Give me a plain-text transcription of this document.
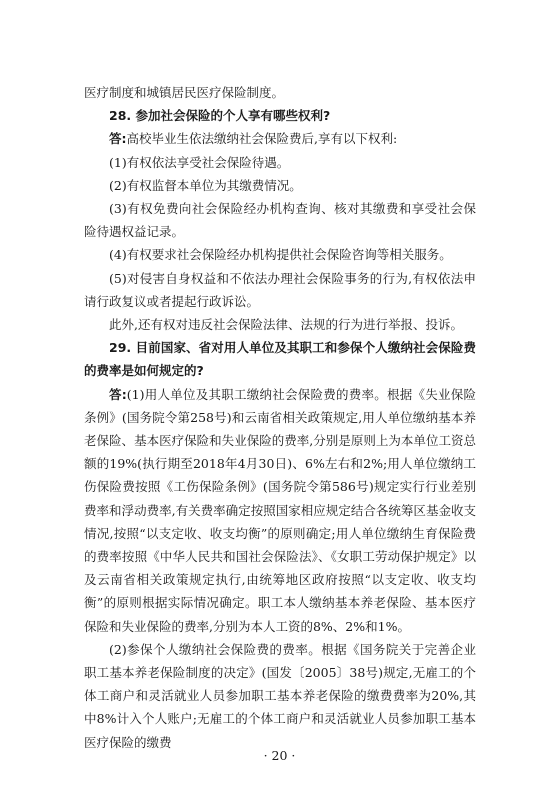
医疗制度和城镇居民医疗保险制度。

28. 参加社会保险的个人享有哪些权利?

答:高校毕业生依法缴纳社会保险费后,享有以下权利:

(1)有权依法享受社会保险待遇。

(2)有权监督本单位为其缴费情况。

(3)有权免费向社会保险经办机构查询、核对其缴费和享受社会保险待遇权益记录。

(4)有权要求社会保险经办机构提供社会保险咨询等相关服务。

(5)对侵害自身权益和不依法办理社会保险事务的行为,有权依法申请行政复议或者提起行政诉讼。

此外,还有权对违反社会保险法律、法规的行为进行举报、投诉。

29. 目前国家、省对用人单位及其职工和参保个人缴纳社会保险费的费率是如何规定的?

答:(1)用人单位及其职工缴纳社会保险费的费率。根据《失业保险条例》(国务院令第258号)和云南省相关政策规定,用人单位缴纳基本养老保险、基本医疗保险和失业保险的费率,分别是原则上为本单位工资总额的19%(执行期至2018年4月30日)、6%左右和2%;用人单位缴纳工伤保险费按照《工伤保险条例》(国务院令第586号)规定实行行业差别费率和浮动费率,有关费率确定按照国家相应规定结合各统筹区基金收支情况,按照“以支定收、收支均衡”的原则确定;用人单位缴纳生育保险费的费率按照《中华人民共和国社会保险法》、《女职工劳动保护规定》以及云南省相关政策规定执行,由统筹地区政府按照“以支定收、收支均衡”的原则根据实际情况确定。职工本人缴纳基本养老保险、基本医疗保险和失业保险的费率,分别为本人工资的8%、2%和1%。

(2)参保个人缴纳社会保险费的费率。根据《国务院关于完善企业职工基本养老保险制度的决定》(国发〔2005〕38号)规定,无雇工的个体工商户和灵活就业人员参加职工基本养老保险的缴费费率为20%,其中8%计入个人账户;无雇工的个体工商户和灵活就业人员参加职工基本医疗保险的缴费

· 20 ·
